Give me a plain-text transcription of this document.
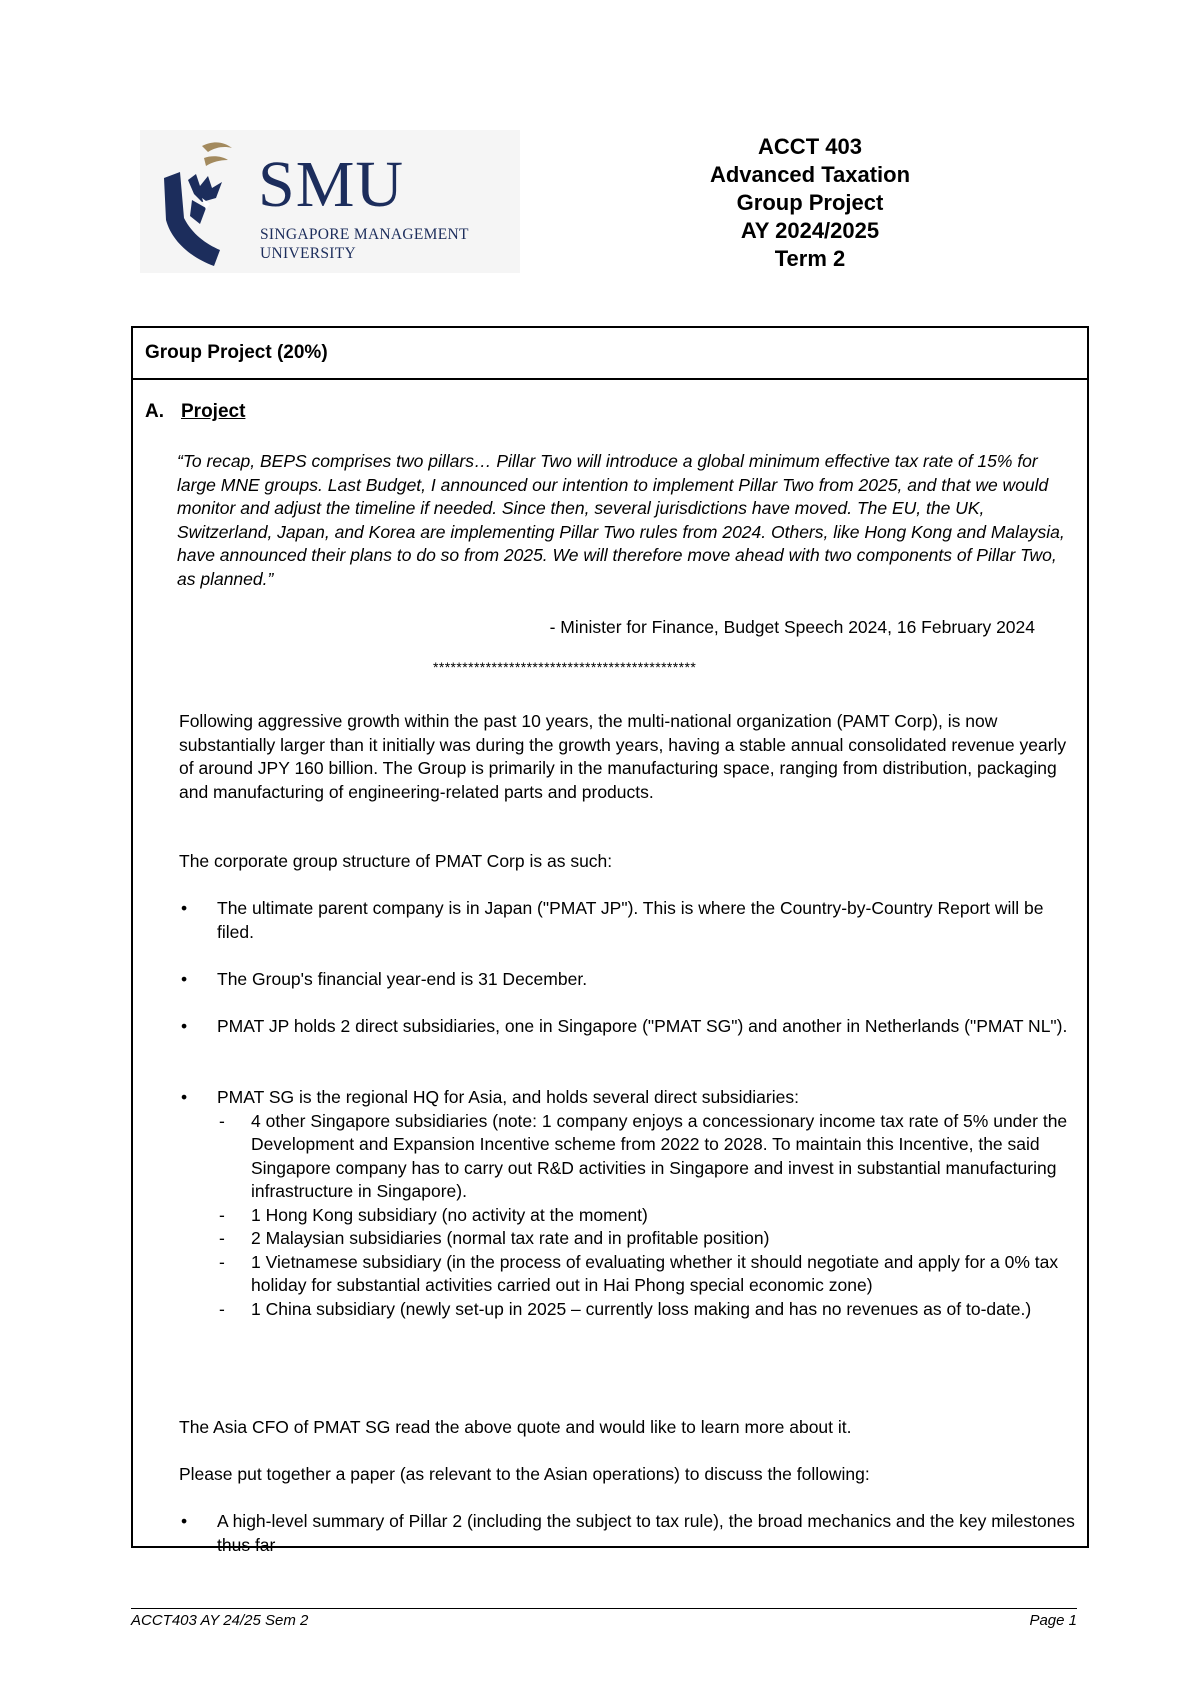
SMU
SINGAPORE MANAGEMENT
UNIVERSITY
ACCT 403
Advanced Taxation
Group Project
AY 2024/2025
Term 2
Group Project (20%)
A. Project
“To recap, BEPS comprises two pillars… Pillar Two will introduce a global minimum effective tax rate of 15% for large MNE groups. Last Budget, I announced our intention to implement Pillar Two from 2025, and that we would monitor and adjust the timeline if needed. Since then, several jurisdictions have moved. The EU, the UK, Switzerland, Japan, and Korea are implementing Pillar Two rules from 2024. Others, like Hong Kong and Malaysia, have announced their plans to do so from 2025. We will therefore move ahead with two components of Pillar Two, as planned.”
- Minister for Finance, Budget Speech 2024, 16 February 2024
*********************************************
Following aggressive growth within the past 10 years, the multi-national organization (PAMT Corp), is now substantially larger than it initially was during the growth years, having a stable annual consolidated revenue yearly of around JPY 160 billion. The Group is primarily in the manufacturing space, ranging from distribution, packaging and manufacturing of engineering-related parts and products.
The corporate group structure of PMAT Corp is as such:
• The ultimate parent company is in Japan ("PMAT JP"). This is where the Country-by-Country Report will be filed.
• The Group's financial year-end is 31 December.
• PMAT JP holds 2 direct subsidiaries, one in Singapore ("PMAT SG") and another in Netherlands ("PMAT NL").
• PMAT SG is the regional HQ for Asia, and holds several direct subsidiaries:
- 4 other Singapore subsidiaries (note: 1 company enjoys a concessionary income tax rate of 5% under the Development and Expansion Incentive scheme from 2022 to 2028. To maintain this Incentive, the said Singapore company has to carry out R&D activities in Singapore and invest in substantial manufacturing infrastructure in Singapore).
- 1 Hong Kong subsidiary (no activity at the moment)
- 2 Malaysian subsidiaries (normal tax rate and in profitable position)
- 1 Vietnamese subsidiary (in the process of evaluating whether it should negotiate and apply for a 0% tax holiday for substantial activities carried out in Hai Phong special economic zone)
- 1 China subsidiary (newly set-up in 2025 – currently loss making and has no revenues as of to-date.)
The Asia CFO of PMAT SG read the above quote and would like to learn more about it.
Please put together a paper (as relevant to the Asian operations) to discuss the following:
• A high-level summary of Pillar 2 (including the subject to tax rule), the broad mechanics and the key milestones thus far
ACCT403 AY 24/25 Sem 2	Page 1
